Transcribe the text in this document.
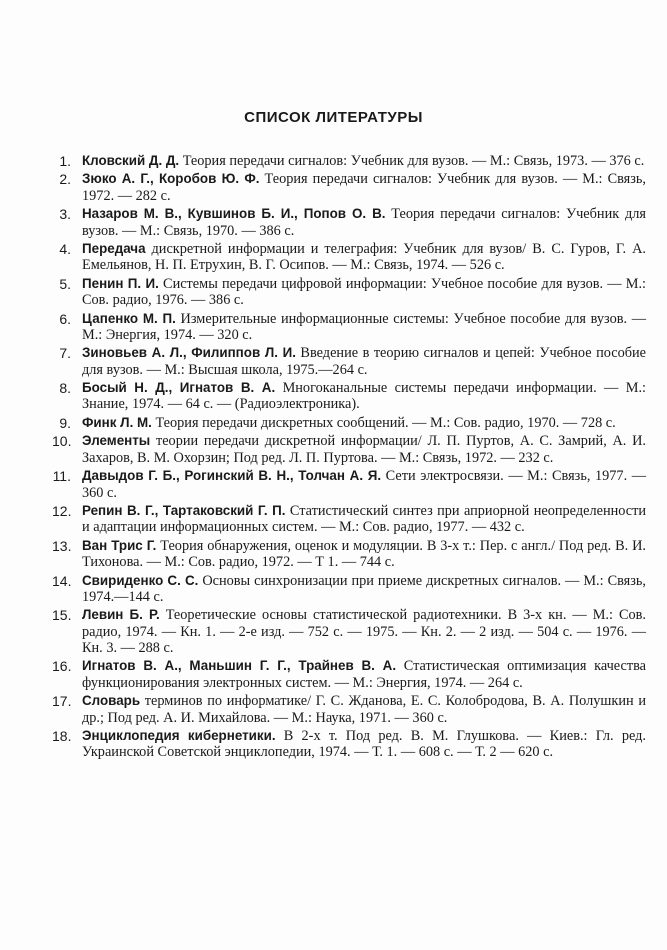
СПИСОК ЛИТЕРАТУРЫ
1. Кловский Д. Д. Теория передачи сигналов: Учебник для вузов. — М.: Связь, 1973. — 376 с.
2. Зюко А. Г., Коробов Ю. Ф. Теория передачи сигналов: Учебник для вузов. — М.: Связь, 1972. — 282 с.
3. Назаров М. В., Кувшинов Б. И., Попов О. В. Теория передачи сигналов: Учебник для вузов. — М.: Связь, 1970. — 386 с.
4. Передача дискретной информации и телеграфия: Учебник для вузов/ В. С. Гуров, Г. А. Емельянов, Н. П. Етрухин, В. Г. Осипов. — М.: Связь, 1974. — 526 с.
5. Пенин П. И. Системы передачи цифровой информации: Учебное пособие для вузов. — М.: Сов. радио, 1976. — 386 с.
6. Цапенко М. П. Измерительные информационные системы: Учебное пособие для вузов. — М.: Энергия, 1974. — 320 с.
7. Зиновьев А. Л., Филиппов Л. И. Введение в теорию сигналов и цепей: Учебное пособие для вузов. — М.: Высшая школа, 1975.—264 с.
8. Босый Н. Д., Игнатов В. А. Многоканальные системы передачи информации. — М.: Знание, 1974. — 64 с. — (Радиоэлектроника).
9. Финк Л. М. Теория передачи дискретных сообщений. — М.: Сов. радио, 1970. — 728 с.
10. Элементы теории передачи дискретной информации/ Л. П. Пуртов, А. С. Замрий, А. И. Захаров, В. М. Охорзин; Под ред. Л. П. Пуртова. — М.: Связь, 1972. — 232 с.
11. Давыдов Г. Б., Рогинский В. Н., Толчан А. Я. Сети электросвязи. — М.: Связь, 1977. — 360 с.
12. Репин В. Г., Тартаковский Г. П. Статистический синтез при априорной неопределенности и адаптации информационных систем. — М.: Сов. радио, 1977. — 432 с.
13. Ван Трис Г. Теория обнаружения, оценок и модуляции. В 3-х т.: Пер. с англ./ Под ред. В. И. Тихонова. — М.: Сов. радио, 1972. — Т 1. — 744 с.
14. Свириденко С. С. Основы синхронизации при приеме дискретных сигналов. — М.: Связь, 1974.—144 с.
15. Левин Б. Р. Теоретические основы статистической радиотехники. В 3-х кн. — М.: Сов. радио, 1974. — Кн. 1. — 2-е изд. — 752 с. — 1975. — Кн. 2. — 2 изд. — 504 с. — 1976. — Кн. 3. — 288 с.
16. Игнатов В. А., Маньшин Г. Г., Трайнев В. А. Статистическая оптимизация качества функционирования электронных систем. — М.: Энергия, 1974. — 264 с.
17. Словарь терминов по информатике/ Г. С. Жданова, Е. С. Колобродова, В. А. Полушкин и др.; Под ред. А. И. Михайлова. — М.: Наука, 1971. — 360 с.
18. Энциклопедия кибернетики. В 2-х т. Под ред. В. М. Глушкова. — Киев.: Гл. ред. Украинской Советской энциклопедии, 1974. — Т. 1. — 608 с. — Т. 2 — 620 с.
